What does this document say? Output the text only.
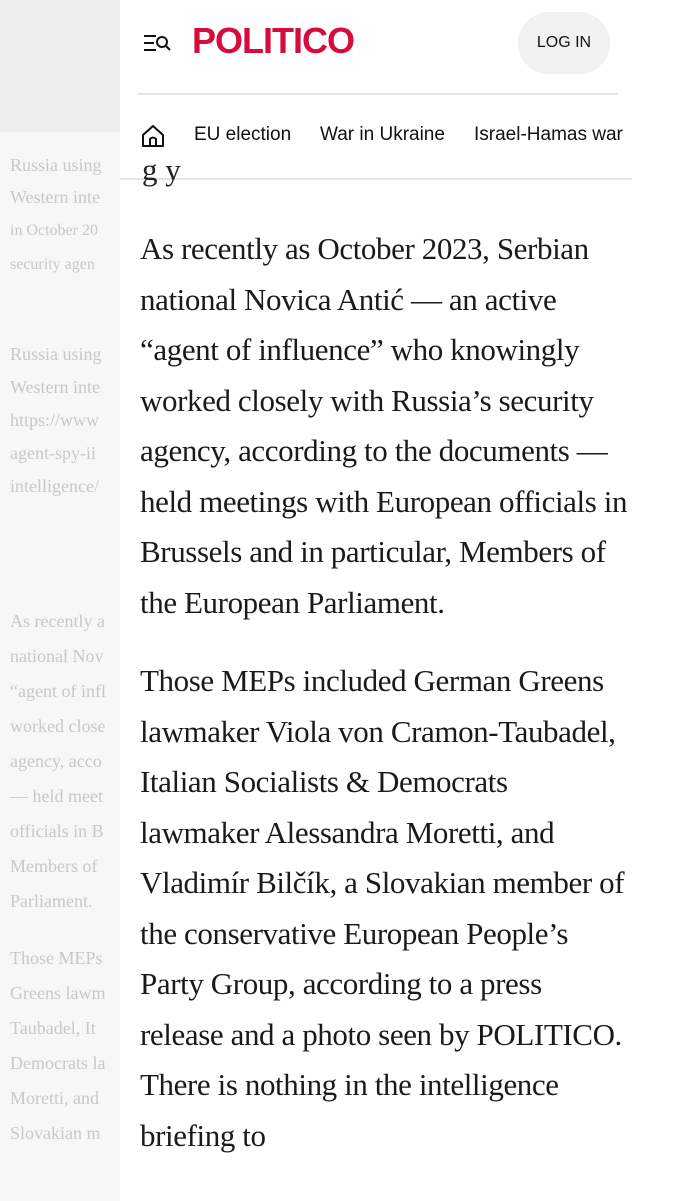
Russia using
Western inte
in October 20
security agen
Russia using
Western inte
https://www
agent-spy-ii
intelligence/
As recently a
national Nov
“agent of infl
worked close
agency, acco
— held meet
officials in B
Members of
Parliament.
Those MEPs
Greens lawm
Taubadel, It
Democrats la
Moretti, and
Slovakian m
POLITICO	LOG IN
EU election War in Ukraine Israel-Hamas war
g y

As recently as October 2023, Serbian national Novica Antić — an active “agent of influence” who knowingly worked closely with Russia’s security agency, according to the documents — held meetings with European officials in Brussels and in particular, Members of the European Parliament.

Those MEPs included German Greens lawmaker Viola von Cramon-Taubadel, Italian Socialists & Democrats lawmaker Alessandra Moretti, and Vladimír Bilčík, a Slovakian member of the conservative European People’s Party Group, according to a press release and a photo seen by POLITICO. There is nothing in the intelligence briefing to
